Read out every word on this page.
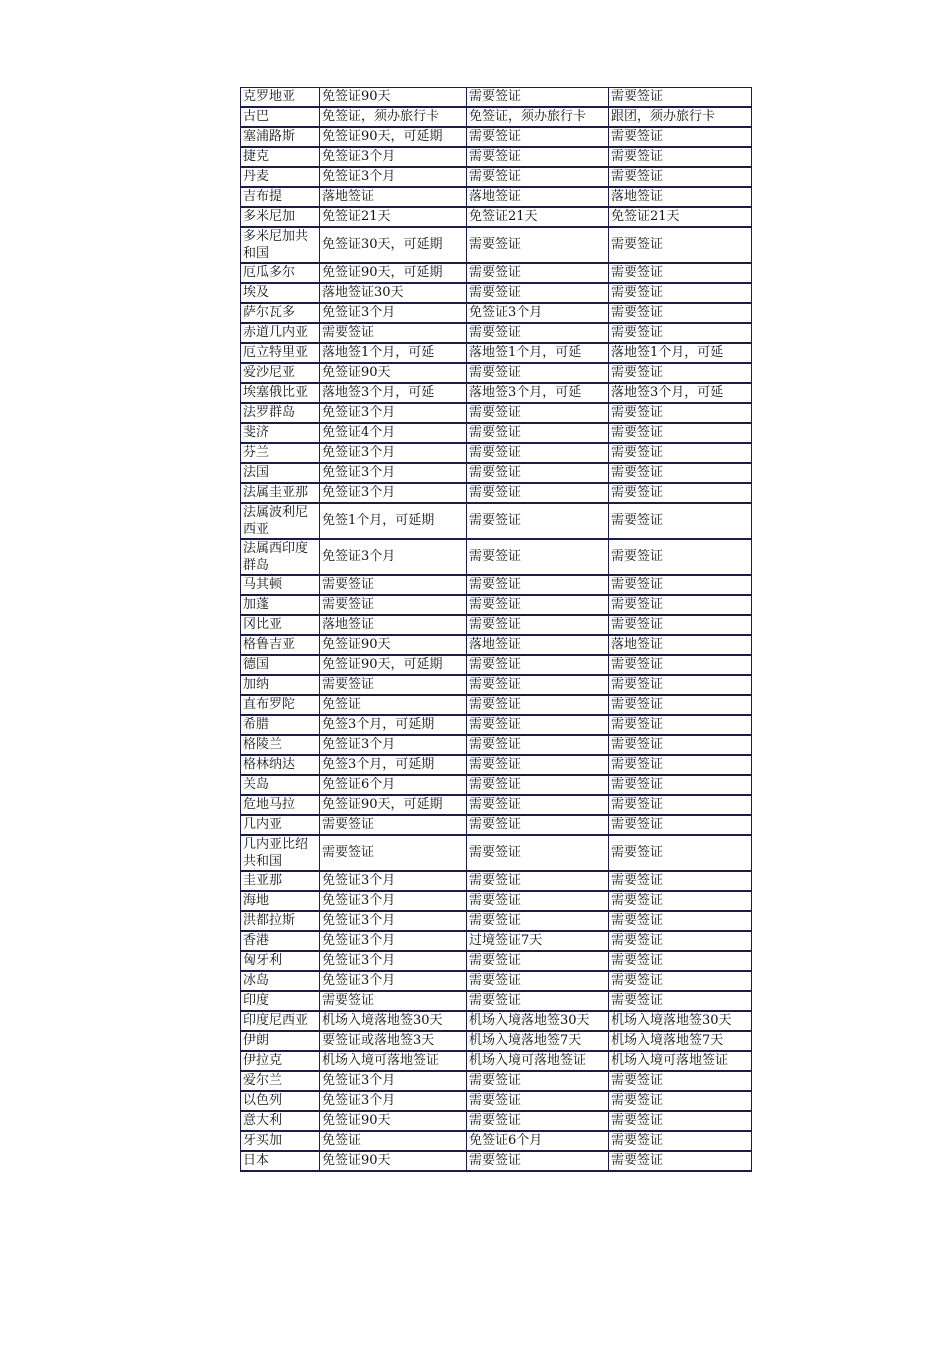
克罗地亚	免签证90天	需要签证	需要签证
古巴	免签证，须办旅行卡	免签证，须办旅行卡	跟团，须办旅行卡
塞浦路斯	免签证90天，可延期	需要签证	需要签证
捷克	免签证3个月	需要签证	需要签证
丹麦	免签证3个月	需要签证	需要签证
吉布提	落地签证	落地签证	落地签证
多米尼加	免签证21天	免签证21天	免签证21天
多米尼加共和国	免签证30天，可延期	需要签证	需要签证
厄瓜多尔	免签证90天，可延期	需要签证	需要签证
埃及	落地签证30天	需要签证	需要签证
萨尔瓦多	免签证3个月	免签证3个月	需要签证
赤道几内亚	需要签证	需要签证	需要签证
厄立特里亚	落地签1个月，可延	落地签1个月，可延	落地签1个月，可延
爱沙尼亚	免签证90天	需要签证	需要签证
埃塞俄比亚	落地签3个月，可延	落地签3个月，可延	落地签3个月，可延
法罗群岛	免签证3个月	需要签证	需要签证
斐济	免签证4个月	需要签证	需要签证
芬兰	免签证3个月	需要签证	需要签证
法国	免签证3个月	需要签证	需要签证
法属圭亚那	免签证3个月	需要签证	需要签证
法属波利尼西亚	免签1个月，可延期	需要签证	需要签证
法属西印度群岛	免签证3个月	需要签证	需要签证
马其顿	需要签证	需要签证	需要签证
加蓬	需要签证	需要签证	需要签证
冈比亚	落地签证	需要签证	需要签证
格鲁吉亚	免签证90天	落地签证	落地签证
德国	免签证90天，可延期	需要签证	需要签证
加纳	需要签证	需要签证	需要签证
直布罗陀	免签证	需要签证	需要签证
希腊	免签3个月，可延期	需要签证	需要签证
格陵兰	免签证3个月	需要签证	需要签证
格林纳达	免签3个月，可延期	需要签证	需要签证
关岛	免签证6个月	需要签证	需要签证
危地马拉	免签证90天，可延期	需要签证	需要签证
几内亚	需要签证	需要签证	需要签证
几内亚比绍共和国	需要签证	需要签证	需要签证
圭亚那	免签证3个月	需要签证	需要签证
海地	免签证3个月	需要签证	需要签证
洪都拉斯	免签证3个月	需要签证	需要签证
香港	免签证3个月	过境签证7天	需要签证
匈牙利	免签证3个月	需要签证	需要签证
冰岛	免签证3个月	需要签证	需要签证
印度	需要签证	需要签证	需要签证
印度尼西亚	机场入境落地签30天	机场入境落地签30天	机场入境落地签30天
伊朗	要签证或落地签3天	机场入境落地签7天	机场入境落地签7天
伊拉克	机场入境可落地签证	机场入境可落地签证	机场入境可落地签证
爱尔兰	免签证3个月	需要签证	需要签证
以色列	免签证3个月	需要签证	需要签证
意大利	免签证90天	需要签证	需要签证
牙买加	免签证	免签证6个月	需要签证
日本	免签证90天	需要签证	需要签证
